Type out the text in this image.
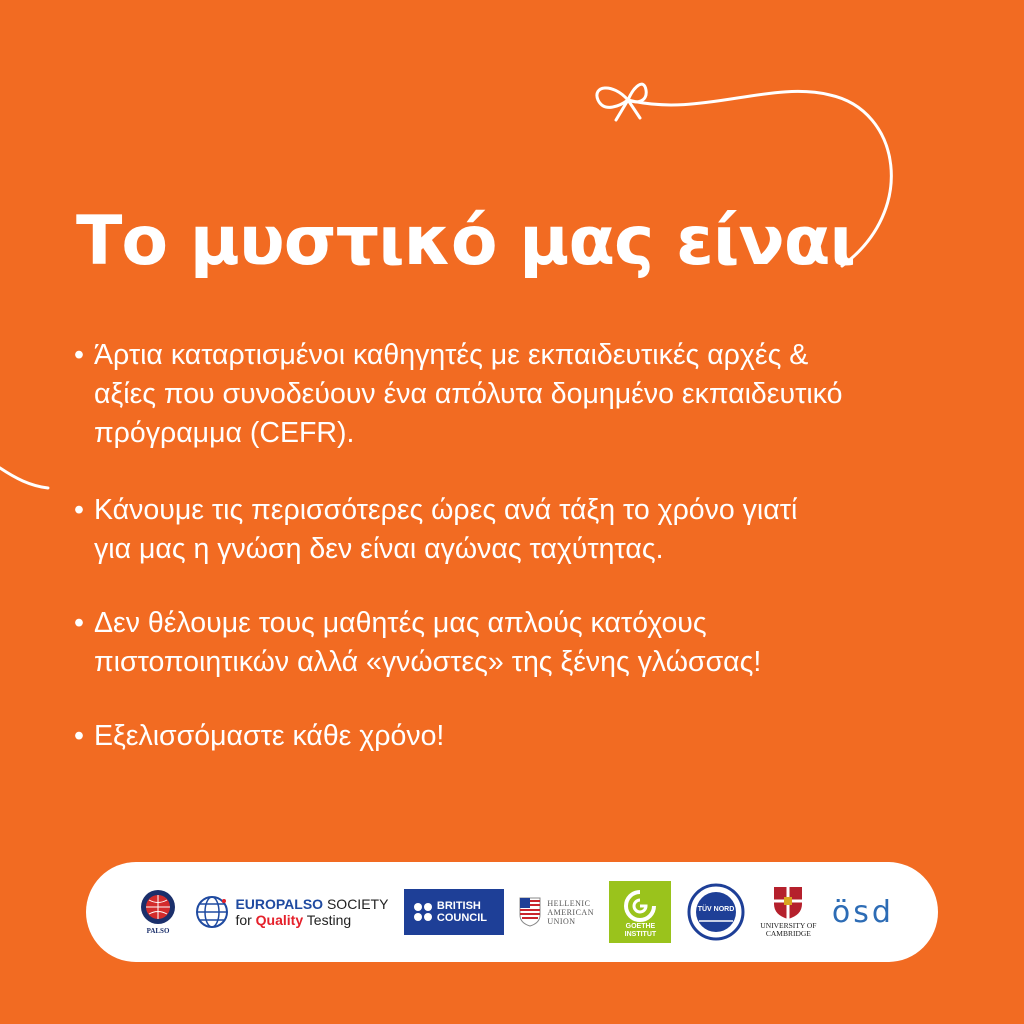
Το μυστικό μας είναι
• Άρτια καταρτισμένοι καθηγητές με εκπαιδευτικές αρχές &
αξίες που συνοδεύουν ένα απόλυτα δομημένο εκπαιδευτικό
πρόγραμμα (CEFR).
• Κάνουμε τις περισσότερες ώρες ανά τάξη το χρόνο γιατί
για μας η γνώση δεν είναι αγώνας ταχύτητας.
• Δεν θέλουμε τους μαθητές μας απλούς κατόχους
πιστοποιητικών αλλά «γνώστες» της ξένης γλώσσας!
• Εξελισσόμαστε κάθε χρόνο!
PALSO
EUROPALSO SOCIETY
for Quality Testing
BRITISH
COUNCIL
HELLENIC
AMERICAN
UNION
GOETHE
INSTITUT
TÜV NORD
UNIVERSITY OF
CAMBRIDGE
ösd
